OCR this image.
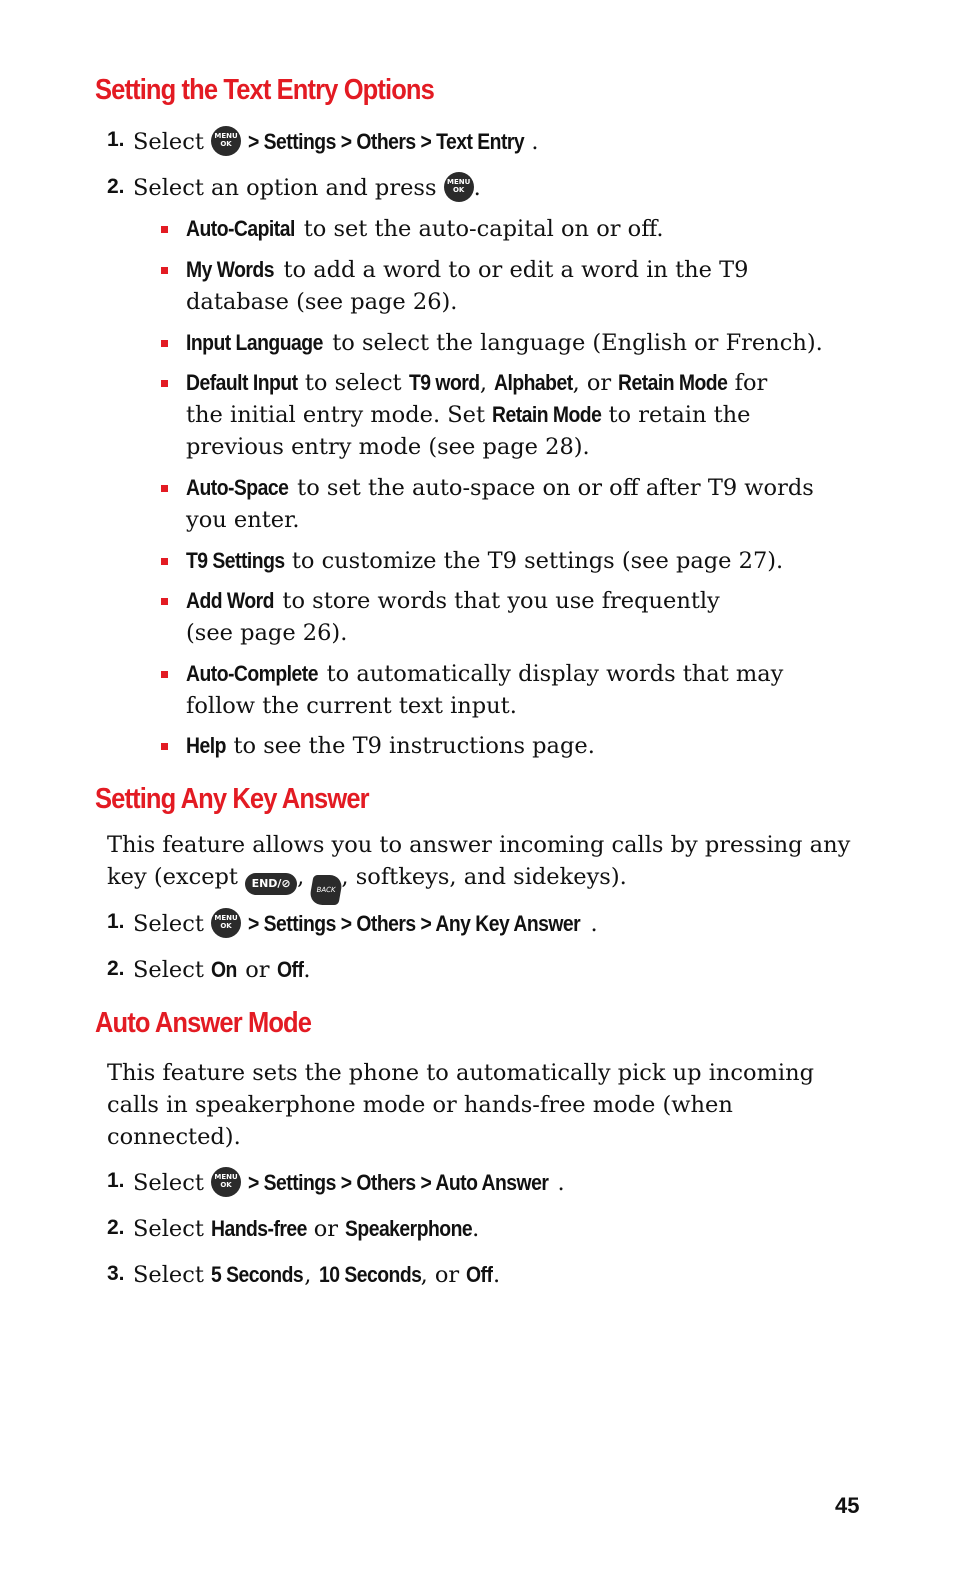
Setting the Text Entry Options
1. Select MENU OK > Settings > Others > Text Entry .
2. Select an option and press MENU OK .
Auto-Capital to set the auto-capital on or off.
My Words to add a word to or edit a word in the T9
database (see page 26).
Input Language to select the language (English or French).
Default Input to select T9 word, Alphabet, or Retain Mode for
the initial entry mode. Set Retain Mode to retain the
previous entry mode (see page 28).
Auto-Space to set the auto-space on or off after T9 words
you enter.
T9 Settings to customize the T9 settings (see page 27).
Add Word to store words that you use frequently
(see page 26).
Auto-Complete to automatically display words that may
follow the current text input.
Help to see the T9 instructions page.
Setting Any Key Answer
This feature allows you to answer incoming calls by pressing any
key (except END/⊘ , BACK , softkeys, and sidekeys).
1. Select MENU OK > Settings > Others > Any Key Answer .
2. Select On or Off.
Auto Answer Mode
This feature sets the phone to automatically pick up incoming
calls in speakerphone mode or hands-free mode (when
connected).
1. Select MENU OK > Settings > Others > Auto Answer .
2. Select Hands-free or Speakerphone.
3. Select 5 Seconds, 10 Seconds, or Off.
45
